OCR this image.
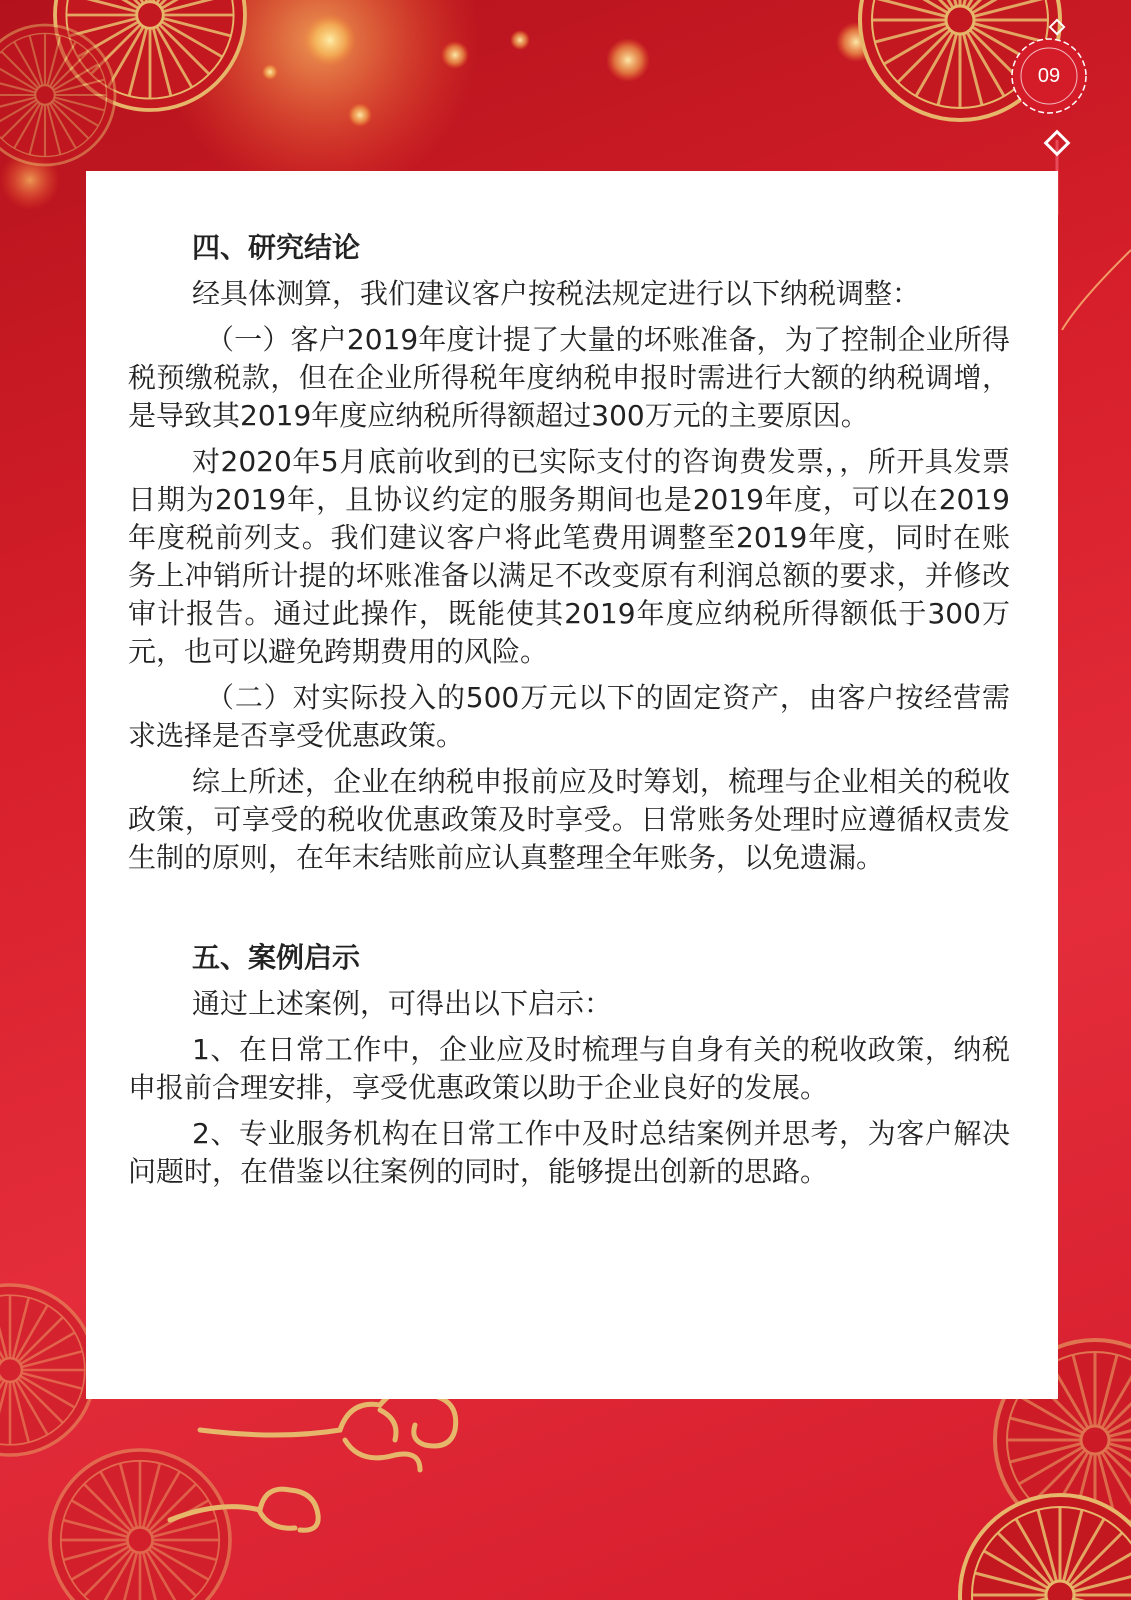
09

四、研究结论

经具体测算，我们建议客户按税法规定进行以下纳税调整：

（一）客户2019年度计提了大量的坏账准备，为了控制企业所得税预缴税款，但在企业所得税年度纳税申报时需进行大额的纳税调增，是导致其2019年度应纳税所得额超过300万元的主要原因。

对2020年5月底前收到的已实际支付的咨询费发票，，所开具发票日期为2019年，且协议约定的服务期间也是2019年度，可以在2019年度税前列支。我们建议客户将此笔费用调整至2019年度，同时在账务上冲销所计提的坏账准备以满足不改变原有利润总额的要求，并修改审计报告。通过此操作，既能使其2019年度应纳税所得额低于300万元，也可以避免跨期费用的风险。

（二）对实际投入的500万元以下的固定资产，由客户按经营需求选择是否享受优惠政策。

综上所述，企业在纳税申报前应及时筹划，梳理与企业相关的税收政策，可享受的税收优惠政策及时享受。日常账务处理时应遵循权责发生制的原则，在年末结账前应认真整理全年账务，以免遗漏。

五、案例启示

通过上述案例，可得出以下启示：

1、在日常工作中，企业应及时梳理与自身有关的税收政策，纳税申报前合理安排，享受优惠政策以助于企业良好的发展。

2、专业服务机构在日常工作中及时总结案例并思考，为客户解决问题时，在借鉴以往案例的同时，能够提出创新的思路。
